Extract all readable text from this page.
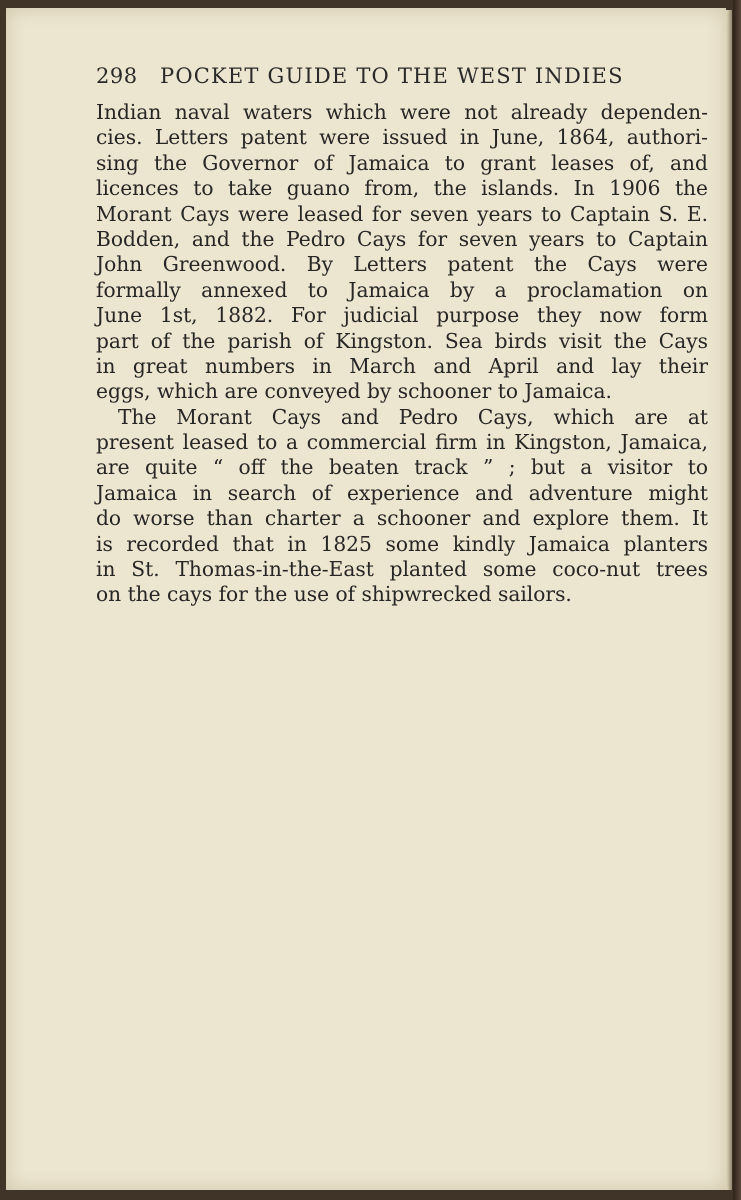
298 POCKET GUIDE TO THE WEST INDIES
Indian naval waters which were not already dependen-
cies. Letters patent were issued in June, 1864, authori-
sing the Governor of Jamaica to grant leases of, and
licences to take guano from, the islands. In 1906 the
Morant Cays were leased for seven years to Captain S. E.
Bodden, and the Pedro Cays for seven years to Captain
John Greenwood. By Letters patent the Cays were
formally annexed to Jamaica by a proclamation on
June 1st, 1882. For judicial purpose they now form
part of the parish of Kingston. Sea birds visit the Cays
in great numbers in March and April and lay their
eggs, which are conveyed by schooner to Jamaica.
The Morant Cays and Pedro Cays, which are at
present leased to a commercial firm in Kingston, Jamaica,
are quite “ off the beaten track ” ; but a visitor to
Jamaica in search of experience and adventure might
do worse than charter a schooner and explore them. It
is recorded that in 1825 some kindly Jamaica planters
in St. Thomas-in-the-East planted some coco-nut trees
on the cays for the use of shipwrecked sailors.
